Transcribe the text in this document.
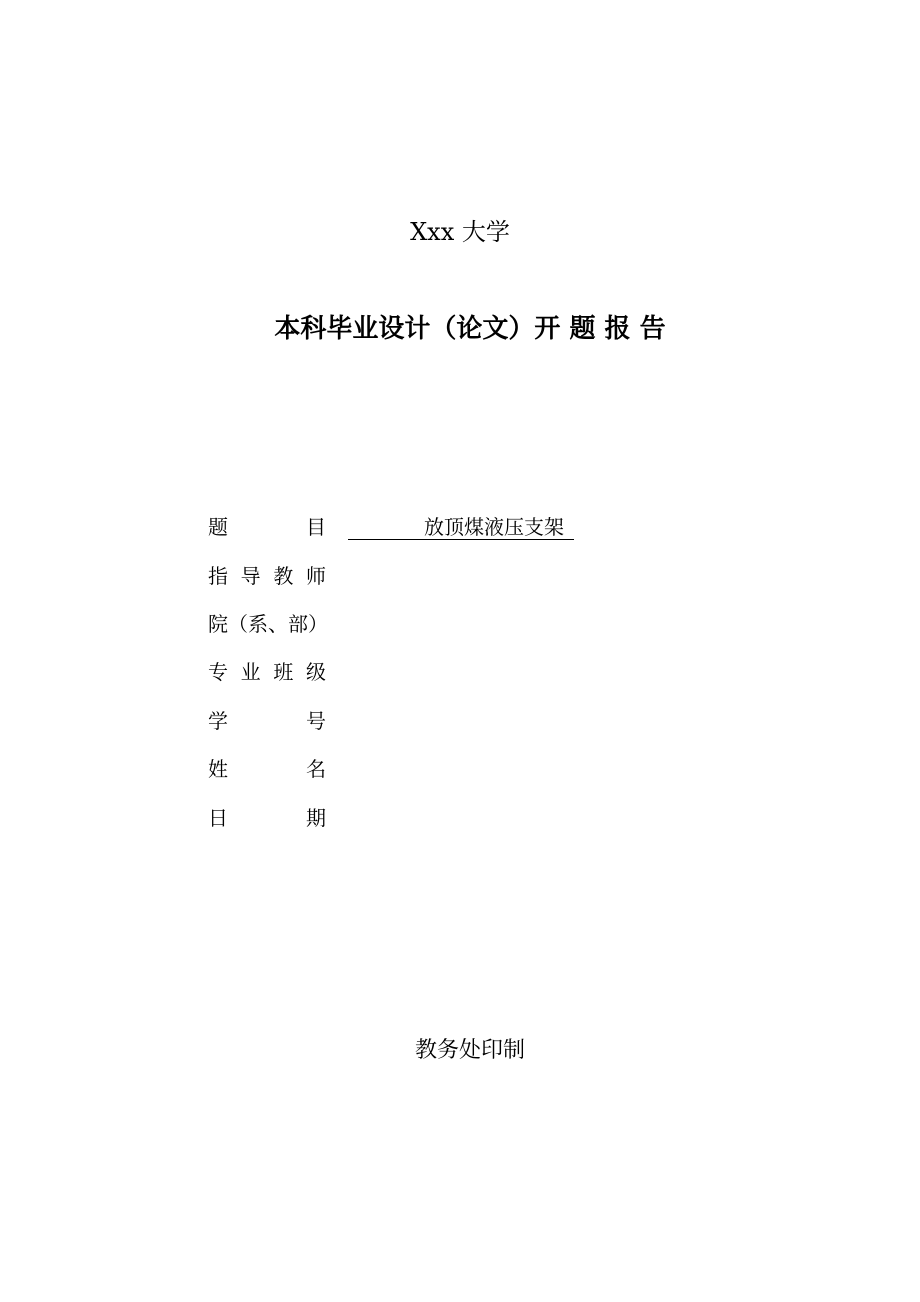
Xxx 大学
本科毕业设计（论文）开 题 报 告
题	目	放顶煤液压支架
指 导 教 师
院（系、部）
专 业 班 级
学	号
姓	名
日	期
教务处印制
